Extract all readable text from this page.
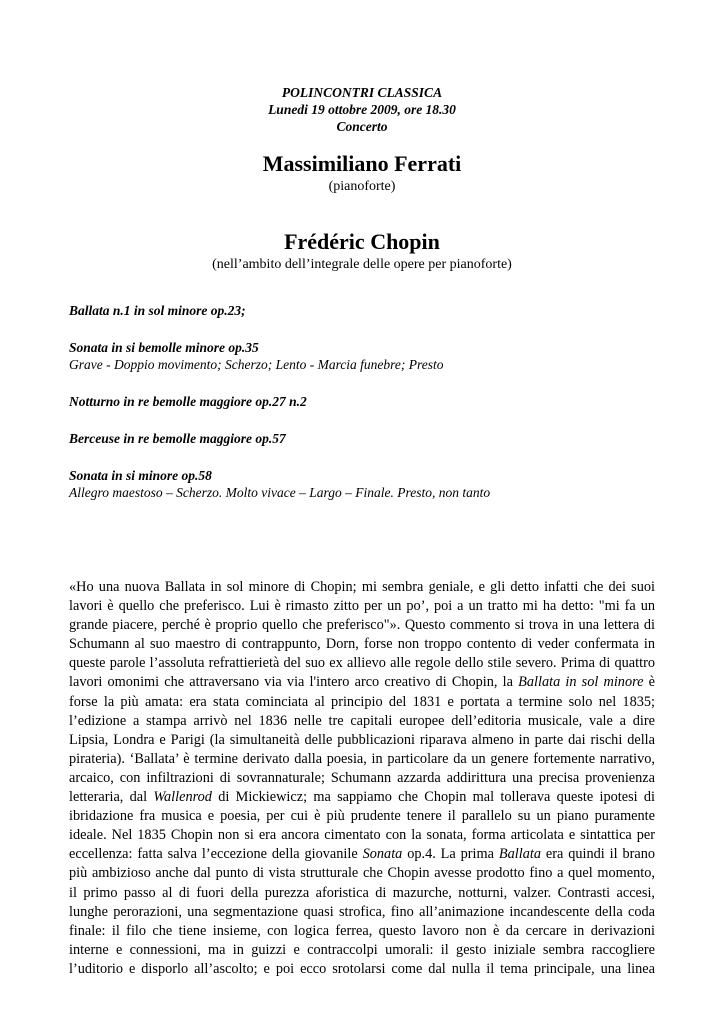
POLINCONTRI CLASSICA
Lunedi 19 ottobre 2009, ore 18.30
Concerto
Massimiliano Ferrati
(pianoforte)
Frédéric Chopin
(nell’ambito dell’integrale delle opere per pianoforte)
Ballata n.1 in sol minore op.23;
Sonata in si bemolle minore op.35
Grave - Doppio movimento; Scherzo; Lento - Marcia funebre; Presto
Notturno in re bemolle maggiore op.27 n.2
Berceuse in re bemolle maggiore op.57
Sonata in si minore op.58
Allegro maestoso – Scherzo. Molto vivace – Largo – Finale. Presto, non tanto
«Ho una nuova Ballata in sol minore di Chopin; mi sembra geniale, e gli detto infatti che dei suoi
lavori è quello che preferisco. Lui è rimasto zitto per un po’, poi a un tratto mi ha detto: "mi fa un
grande piacere, perché è proprio quello che preferisco"». Questo commento si trova in una lettera di
Schumann al suo maestro di contrappunto, Dorn, forse non troppo contento di veder confermata in
queste parole l’assoluta refrattierietà del suo ex allievo alle regole dello stile severo. Prima di quattro
lavori omonimi che attraversano via via l'intero arco creativo di Chopin, la Ballata in sol minore è
forse la più amata: era stata cominciata al principio del 1831 e portata a termine solo nel 1835;
l’edizione a stampa arrivò nel 1836 nelle tre capitali europee dell’editoria musicale, vale a dire
Lipsia, Londra e Parigi (la simultaneità delle pubblicazioni riparava almeno in parte dai rischi della
pirateria). ‘Ballata’ è termine derivato dalla poesia, in particolare da un genere fortemente narrativo,
arcaico, con infiltrazioni di sovrannaturale; Schumann azzarda addirittura una precisa provenienza
letteraria, dal Wallenrod di Mickiewicz; ma sappiamo che Chopin mal tollerava queste ipotesi di
ibridazione fra musica e poesia, per cui è più prudente tenere il parallelo su un piano puramente
ideale. Nel 1835 Chopin non si era ancora cimentato con la sonata, forma articolata e sintattica per
eccellenza: fatta salva l’eccezione della giovanile Sonata op.4. La prima Ballata era quindi il brano
più ambizioso anche dal punto di vista strutturale che Chopin avesse prodotto fino a quel momento,
il primo passo al di fuori della purezza aforistica di mazurche, notturni, valzer. Contrasti accesi,
lunghe perorazioni, una segmentazione quasi strofica, fino all’animazione incandescente della coda
finale: il filo che tiene insieme, con logica ferrea, questo lavoro non è da cercare in derivazioni
interne e connessioni, ma in guizzi e contraccolpi umorali: il gesto iniziale sembra raccogliere
l’uditorio e disporlo all’ascolto; e poi ecco srotolarsi come dal nulla il tema principale, una linea
